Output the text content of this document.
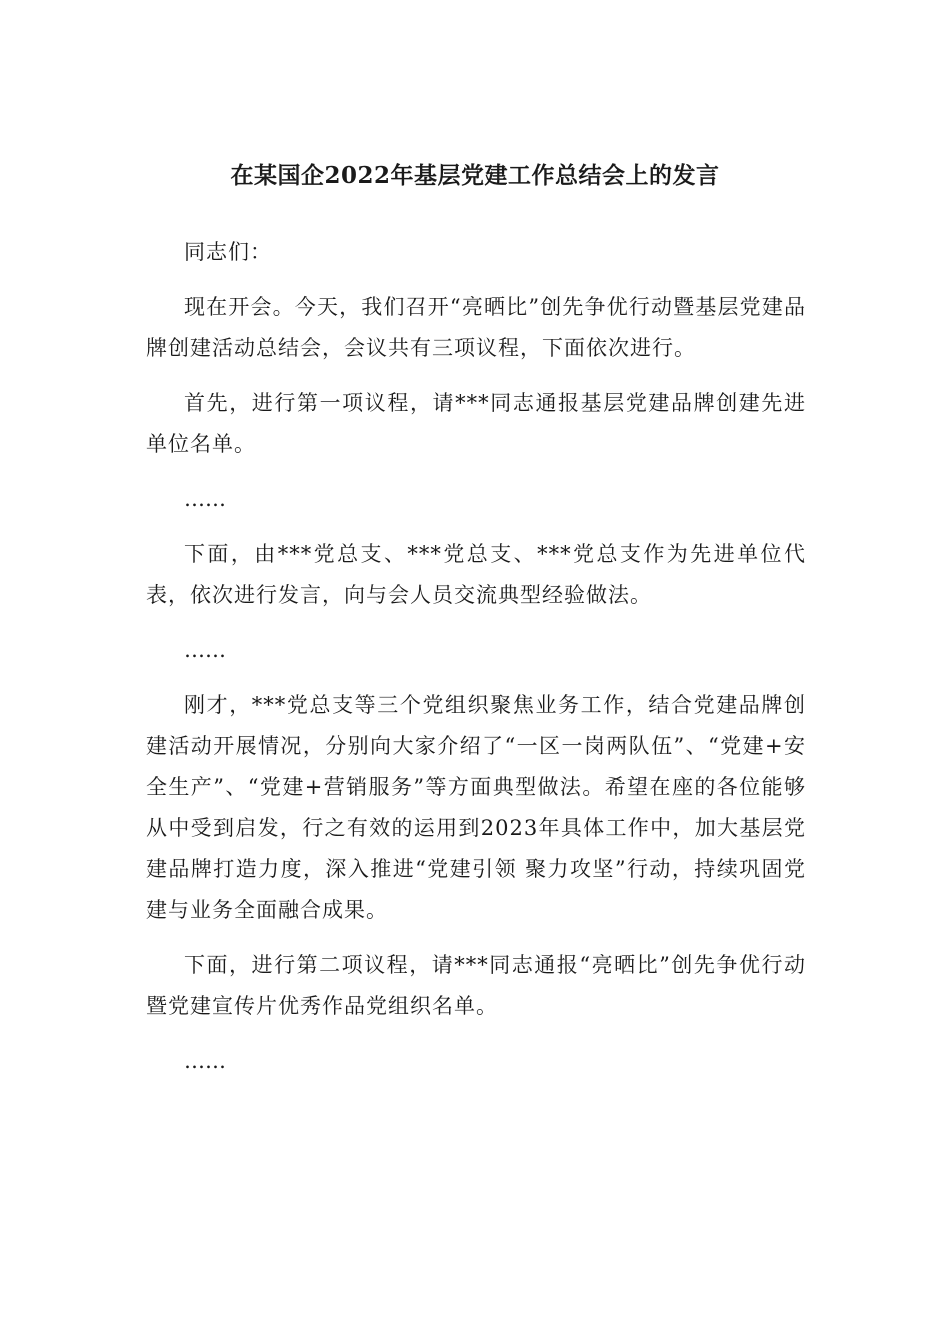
在某国企2022年基层党建工作总结会上的发言

同志们：

现在开会。今天，我们召开“亮晒比”创先争优行动暨基层党建品牌创建活动总结会，会议共有三项议程，下面依次进行。

首先，进行第一项议程，请***同志通报基层党建品牌创建先进单位名单。

……

下面，由***党总支、***党总支、***党总支作为先进单位代表，依次进行发言，向与会人员交流典型经验做法。

……

刚才，***党总支等三个党组织聚焦业务工作，结合党建品牌创建活动开展情况，分别向大家介绍了“一区一岗两队伍”、“党建+安全生产”、“党建+营销服务”等方面典型做法。希望在座的各位能够从中受到启发，行之有效的运用到2023年具体工作中，加大基层党建品牌打造力度，深入推进“党建引领 聚力攻坚”行动，持续巩固党建与业务全面融合成果。

下面，进行第二项议程，请***同志通报“亮晒比”创先争优行动暨党建宣传片优秀作品党组织名单。

……
